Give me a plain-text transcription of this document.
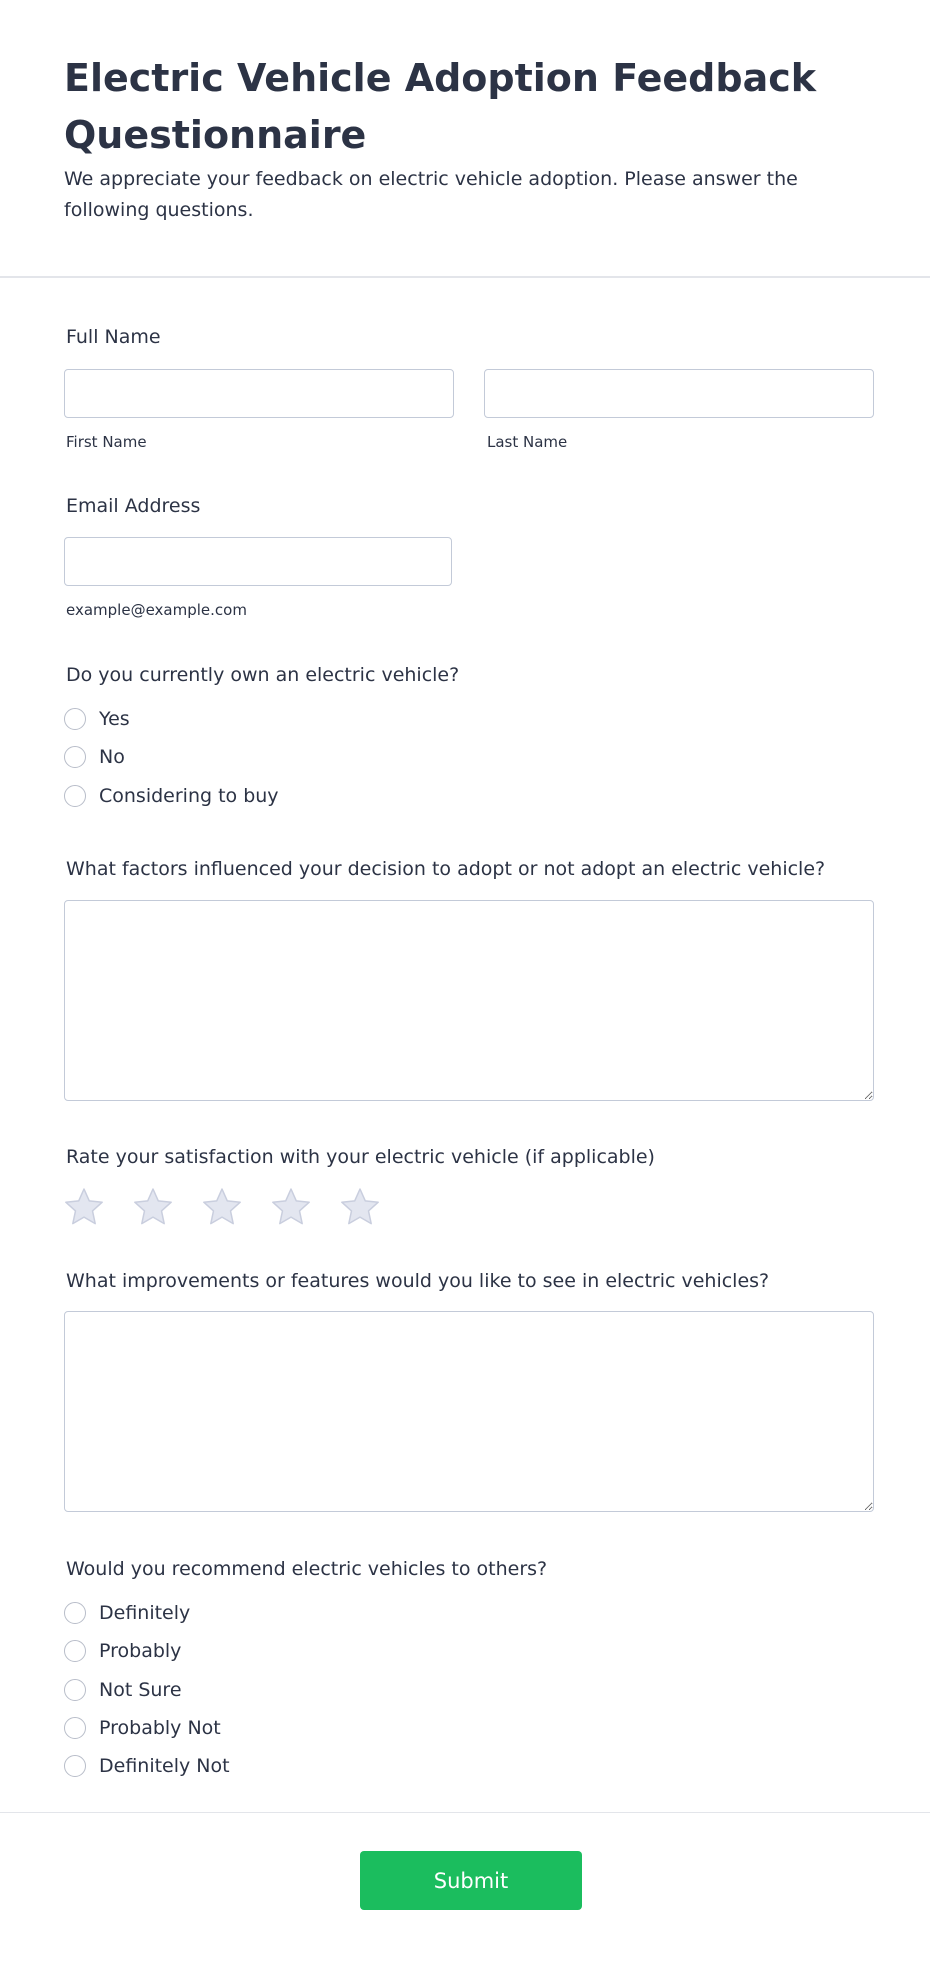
Electric Vehicle Adoption Feedback Questionnaire

We appreciate your feedback on electric vehicle adoption. Please answer the following questions.

Full Name
First Name	Last Name
Email Address
example@example.com
Do you currently own an electric vehicle?
Yes
No
Considering to buy
What factors influenced your decision to adopt or not adopt an electric vehicle?
Rate your satisfaction with your electric vehicle (if applicable)
What improvements or features would you like to see in electric vehicles?
Would you recommend electric vehicles to others?
Definitely
Probably
Not Sure
Probably Not
Definitely Not
Submit
